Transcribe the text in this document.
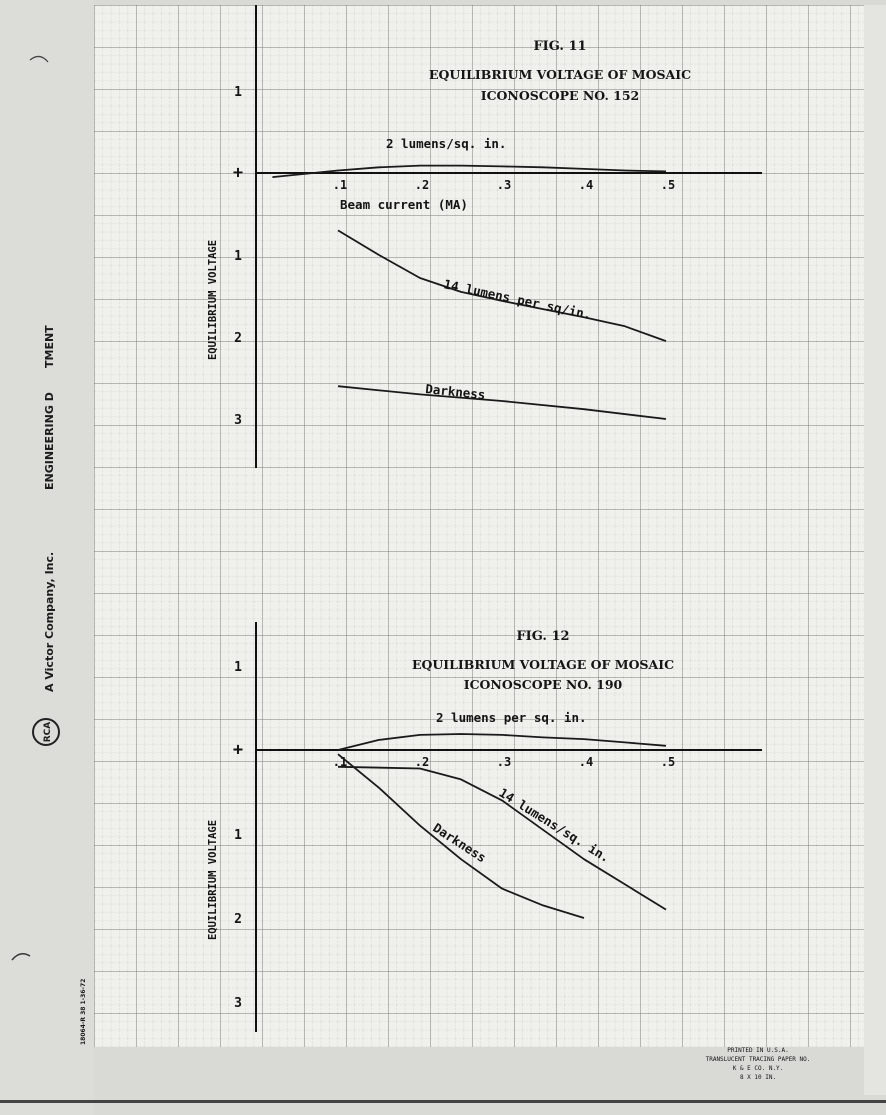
RCA
A Victor Company, Inc.
ENGINEERING D
TMENT
18064-R 38 1-36-72
PRINTED IN U.S.A.
TRANSLUCENT TRACING PAPER NO.
K & E CO. N.Y.
8 X 10 IN.
FIG. 11
EQUILIBRIUM VOLTAGE OF MOSAIC
ICONOSCOPE NO. 152
.1	.2	.3	.4	.5
1
+
1
2
3
Beam current (MA)
EQUILIBRIUM VOLTAGE
2 lumens/sq. in.
14 lumens per sq/in.
Darkness
FIG. 12
EQUILIBRIUM VOLTAGE OF MOSAIC
ICONOSCOPE NO. 190
.1	.2	.3	.4	.5
1
+
1
2
3
EQUILIBRIUM VOLTAGE
2 lumens per sq. in.
14 lumens/sq. in.
Darkness
